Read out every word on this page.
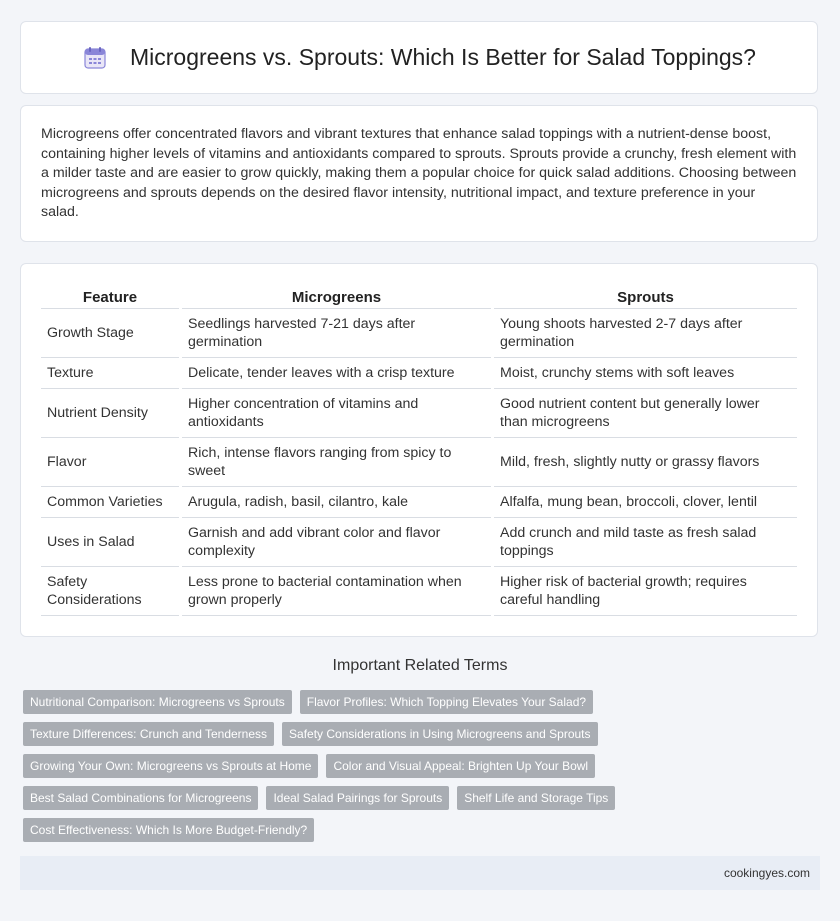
Microgreens vs. Sprouts: Which Is Better for Salad Toppings?

Microgreens offer concentrated flavors and vibrant textures that enhance salad toppings with a nutrient-dense boost, containing higher levels of vitamins and antioxidants compared to sprouts. Sprouts provide a crunchy, fresh element with a milder taste and are easier to grow quickly, making them a popular choice for quick salad additions. Choosing between microgreens and sprouts depends on the desired flavor intensity, nutritional impact, and texture preference in your salad.

Feature	Microgreens	Sprouts
Growth Stage	Seedlings harvested 7-21 days after germination	Young shoots harvested 2-7 days after germination
Texture	Delicate, tender leaves with a crisp texture	Moist, crunchy stems with soft leaves
Nutrient Density	Higher concentration of vitamins and antioxidants	Good nutrient content but generally lower than microgreens
Flavor	Rich, intense flavors ranging from spicy to sweet	Mild, fresh, slightly nutty or grassy flavors
Common Varieties	Arugula, radish, basil, cilantro, kale	Alfalfa, mung bean, broccoli, clover, lentil
Uses in Salad	Garnish and add vibrant color and flavor complexity	Add crunch and mild taste as fresh salad toppings
Safety Considerations	Less prone to bacterial contamination when grown properly	Higher risk of bacterial growth; requires careful handling
Important Related Terms
Nutritional Comparison: Microgreens vs Sprouts	Flavor Profiles: Which Topping Elevates Your Salad?
Texture Differences: Crunch and Tenderness	Safety Considerations in Using Microgreens and Sprouts
Growing Your Own: Microgreens vs Sprouts at Home	Color and Visual Appeal: Brighten Up Your Bowl
Best Salad Combinations for Microgreens	Ideal Salad Pairings for Sprouts	Shelf Life and Storage Tips
Cost Effectiveness: Which Is More Budget-Friendly?
cookingyes.com
